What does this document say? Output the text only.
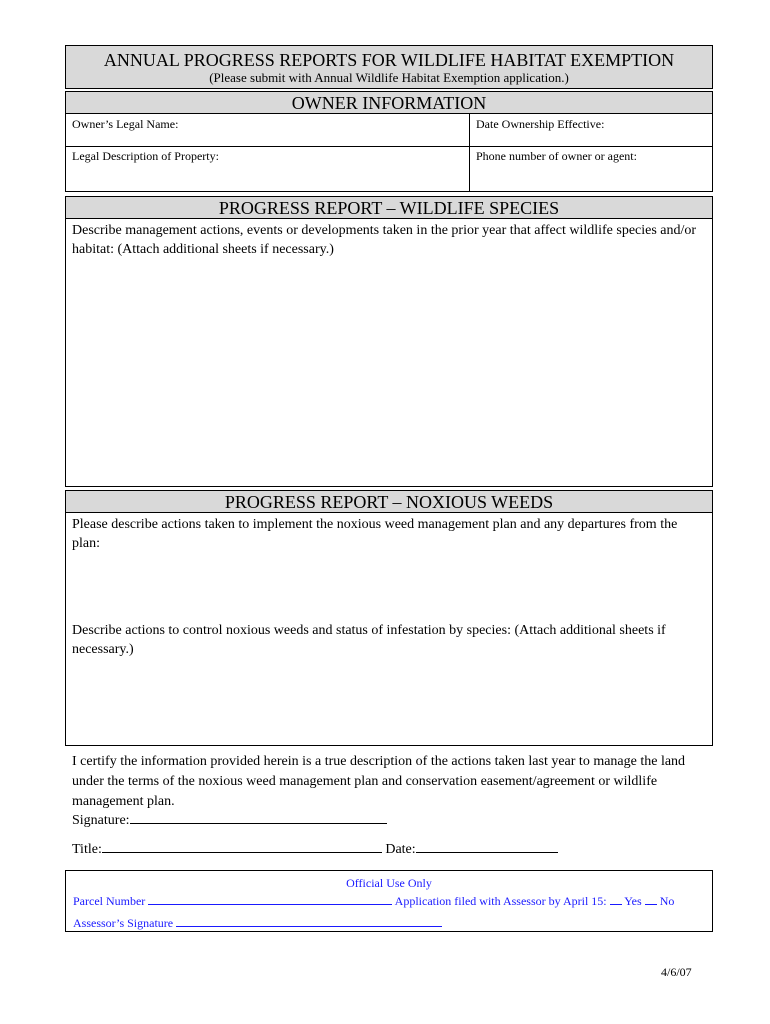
ANNUAL PROGRESS REPORTS FOR WILDLIFE HABITAT EXEMPTION
(Please submit with Annual Wildlife Habitat Exemption application.)
OWNER INFORMATION
Owner’s Legal Name:	Date Ownership Effective:
Legal Description of Property:	Phone number of owner or agent:
PROGRESS REPORT – WILDLIFE SPECIES
Describe management actions, events or developments taken in the prior year that affect wildlife species and/or habitat: (Attach additional sheets if necessary.)
PROGRESS REPORT – NOXIOUS WEEDS
Please describe actions taken to implement the noxious weed management plan and any departures from the plan:
Describe actions to control noxious weeds and status of infestation by species: (Attach additional sheets if necessary.)
I certify the information provided herein is a true description of the actions taken last year to manage the land under the terms of the noxious weed management plan and conservation easement/agreement or wildlife management plan.
Signature:
Title:	Date:
Official Use Only
Parcel Number	Application filed with Assessor by April 15: Yes No
Assessor’s Signature
4/6/07
